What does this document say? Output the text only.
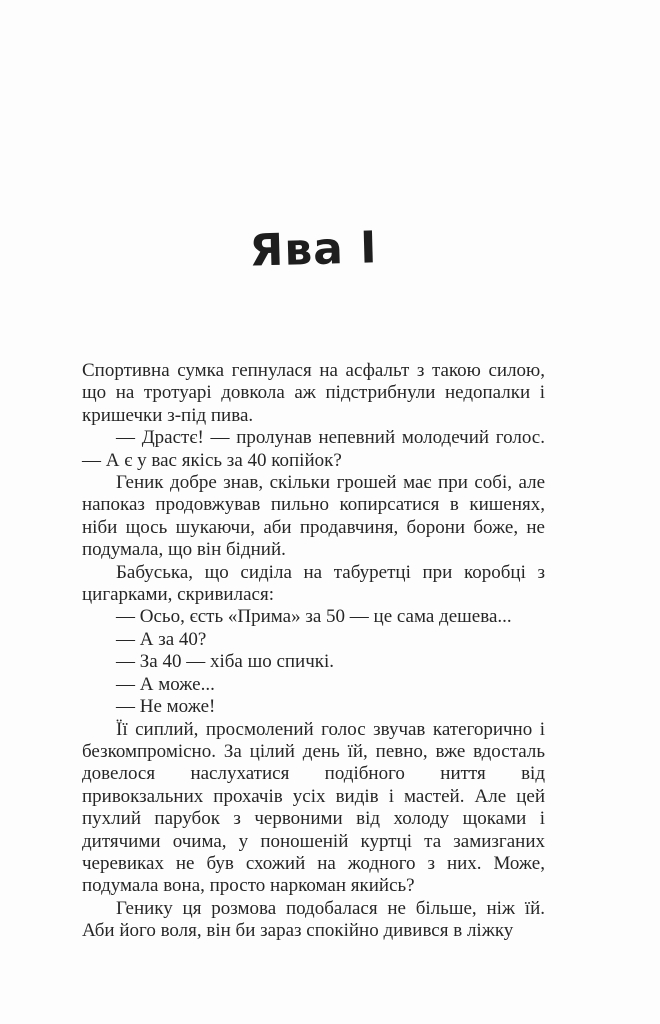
Ява I

Спортивна сумка гепнулася на асфальт з такою силою, що на тротуарі довкола аж підстрибнули недопалки і кришечки з-під пива.

— Драстє! — пролунав непевний молодечий голос. — А є у вас якісь за 40 копійок?

Геник добре знав, скільки грошей має при собі, але напоказ продовжував пильно копирсатися в кишенях, ніби щось шукаючи, аби продавчиня, борони боже, не подумала, що він бідний.

Бабуська, що сиділа на табуретці при коробці з цигарками, скривилася:

— Осьо, єсть «Прима» за 50 — це сама дешева...

— А за 40?

— За 40 — хіба шо спичкі.

— А може...

— Не може!

Її сиплий, просмолений голос звучав категорично і безкомпромісно. За цілий день їй, певно, вже вдосталь довелося наслухатися подібного ниття від привокзальних прохачів усіх видів і мастей. Але цей пухлий парубок з червоними від холоду щоками і дитячими очима, у поношеній куртці та замизганих черевиках не був схожий на жодного з них. Може, подумала вона, просто наркоман якийсь?

Генику ця розмова подобалася не більше, ніж їй. Аби його воля, він би зараз спокійно дивився в ліжку
